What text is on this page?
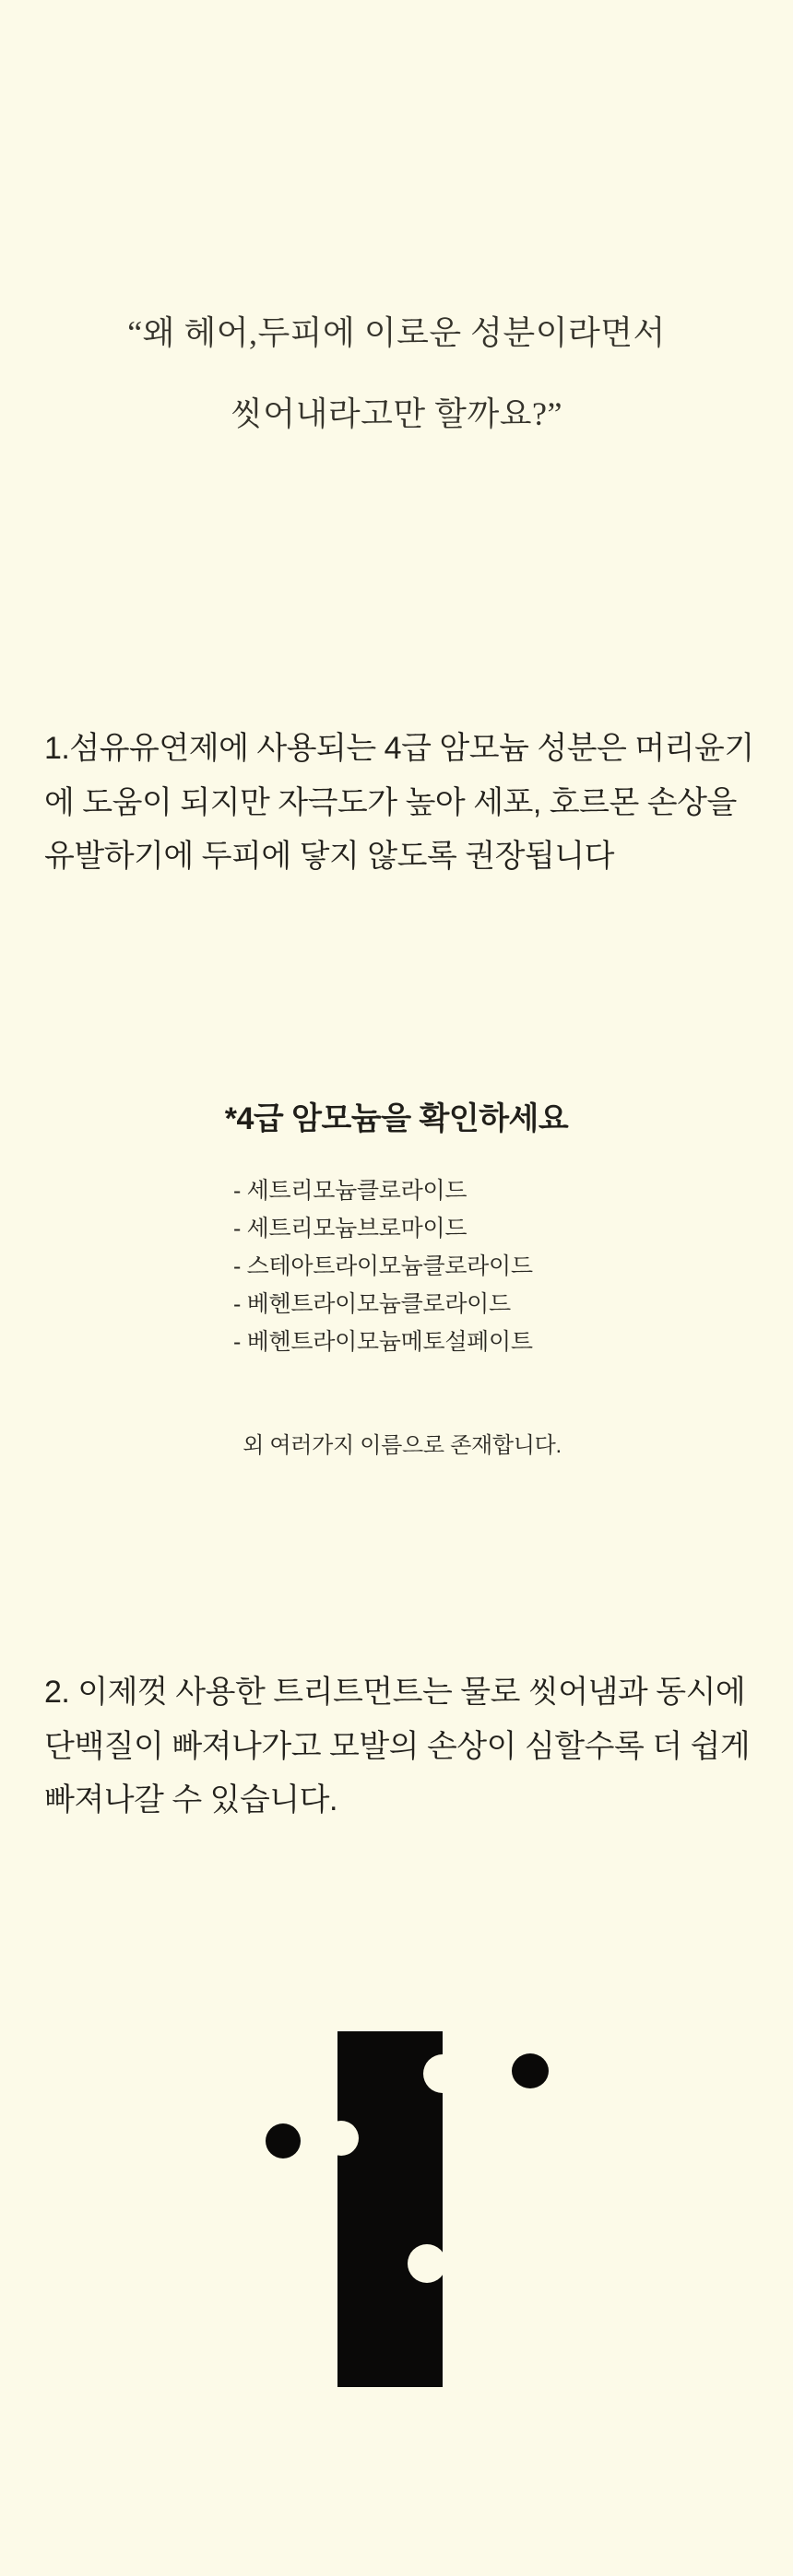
“왜 헤어,두피에 이로운 성분이라면서
씻어내라고만 할까요?”
1.섬유유연제에 사용되는 4급 암모늄 성분은 머리윤기에 도움이 되지만 자극도가 높아 세포, 호르몬 손상을 유발하기에 두피에 닿지 않도록 권장됩니다
*4급 암모늄을 확인하세요
- 세트리모늄클로라이드
- 세트리모늄브로마이드
- 스테아트라이모늄클로라이드
- 베헨트라이모늄클로라이드
- 베헨트라이모늄메토설페이트
외 여러가지 이름으로 존재합니다.
2. 이제껏 사용한 트리트먼트는 물로 씻어냄과 동시에 단백질이 빠져나가고 모발의 손상이 심할수록 더 쉽게 빠져나갈 수 있습니다.
